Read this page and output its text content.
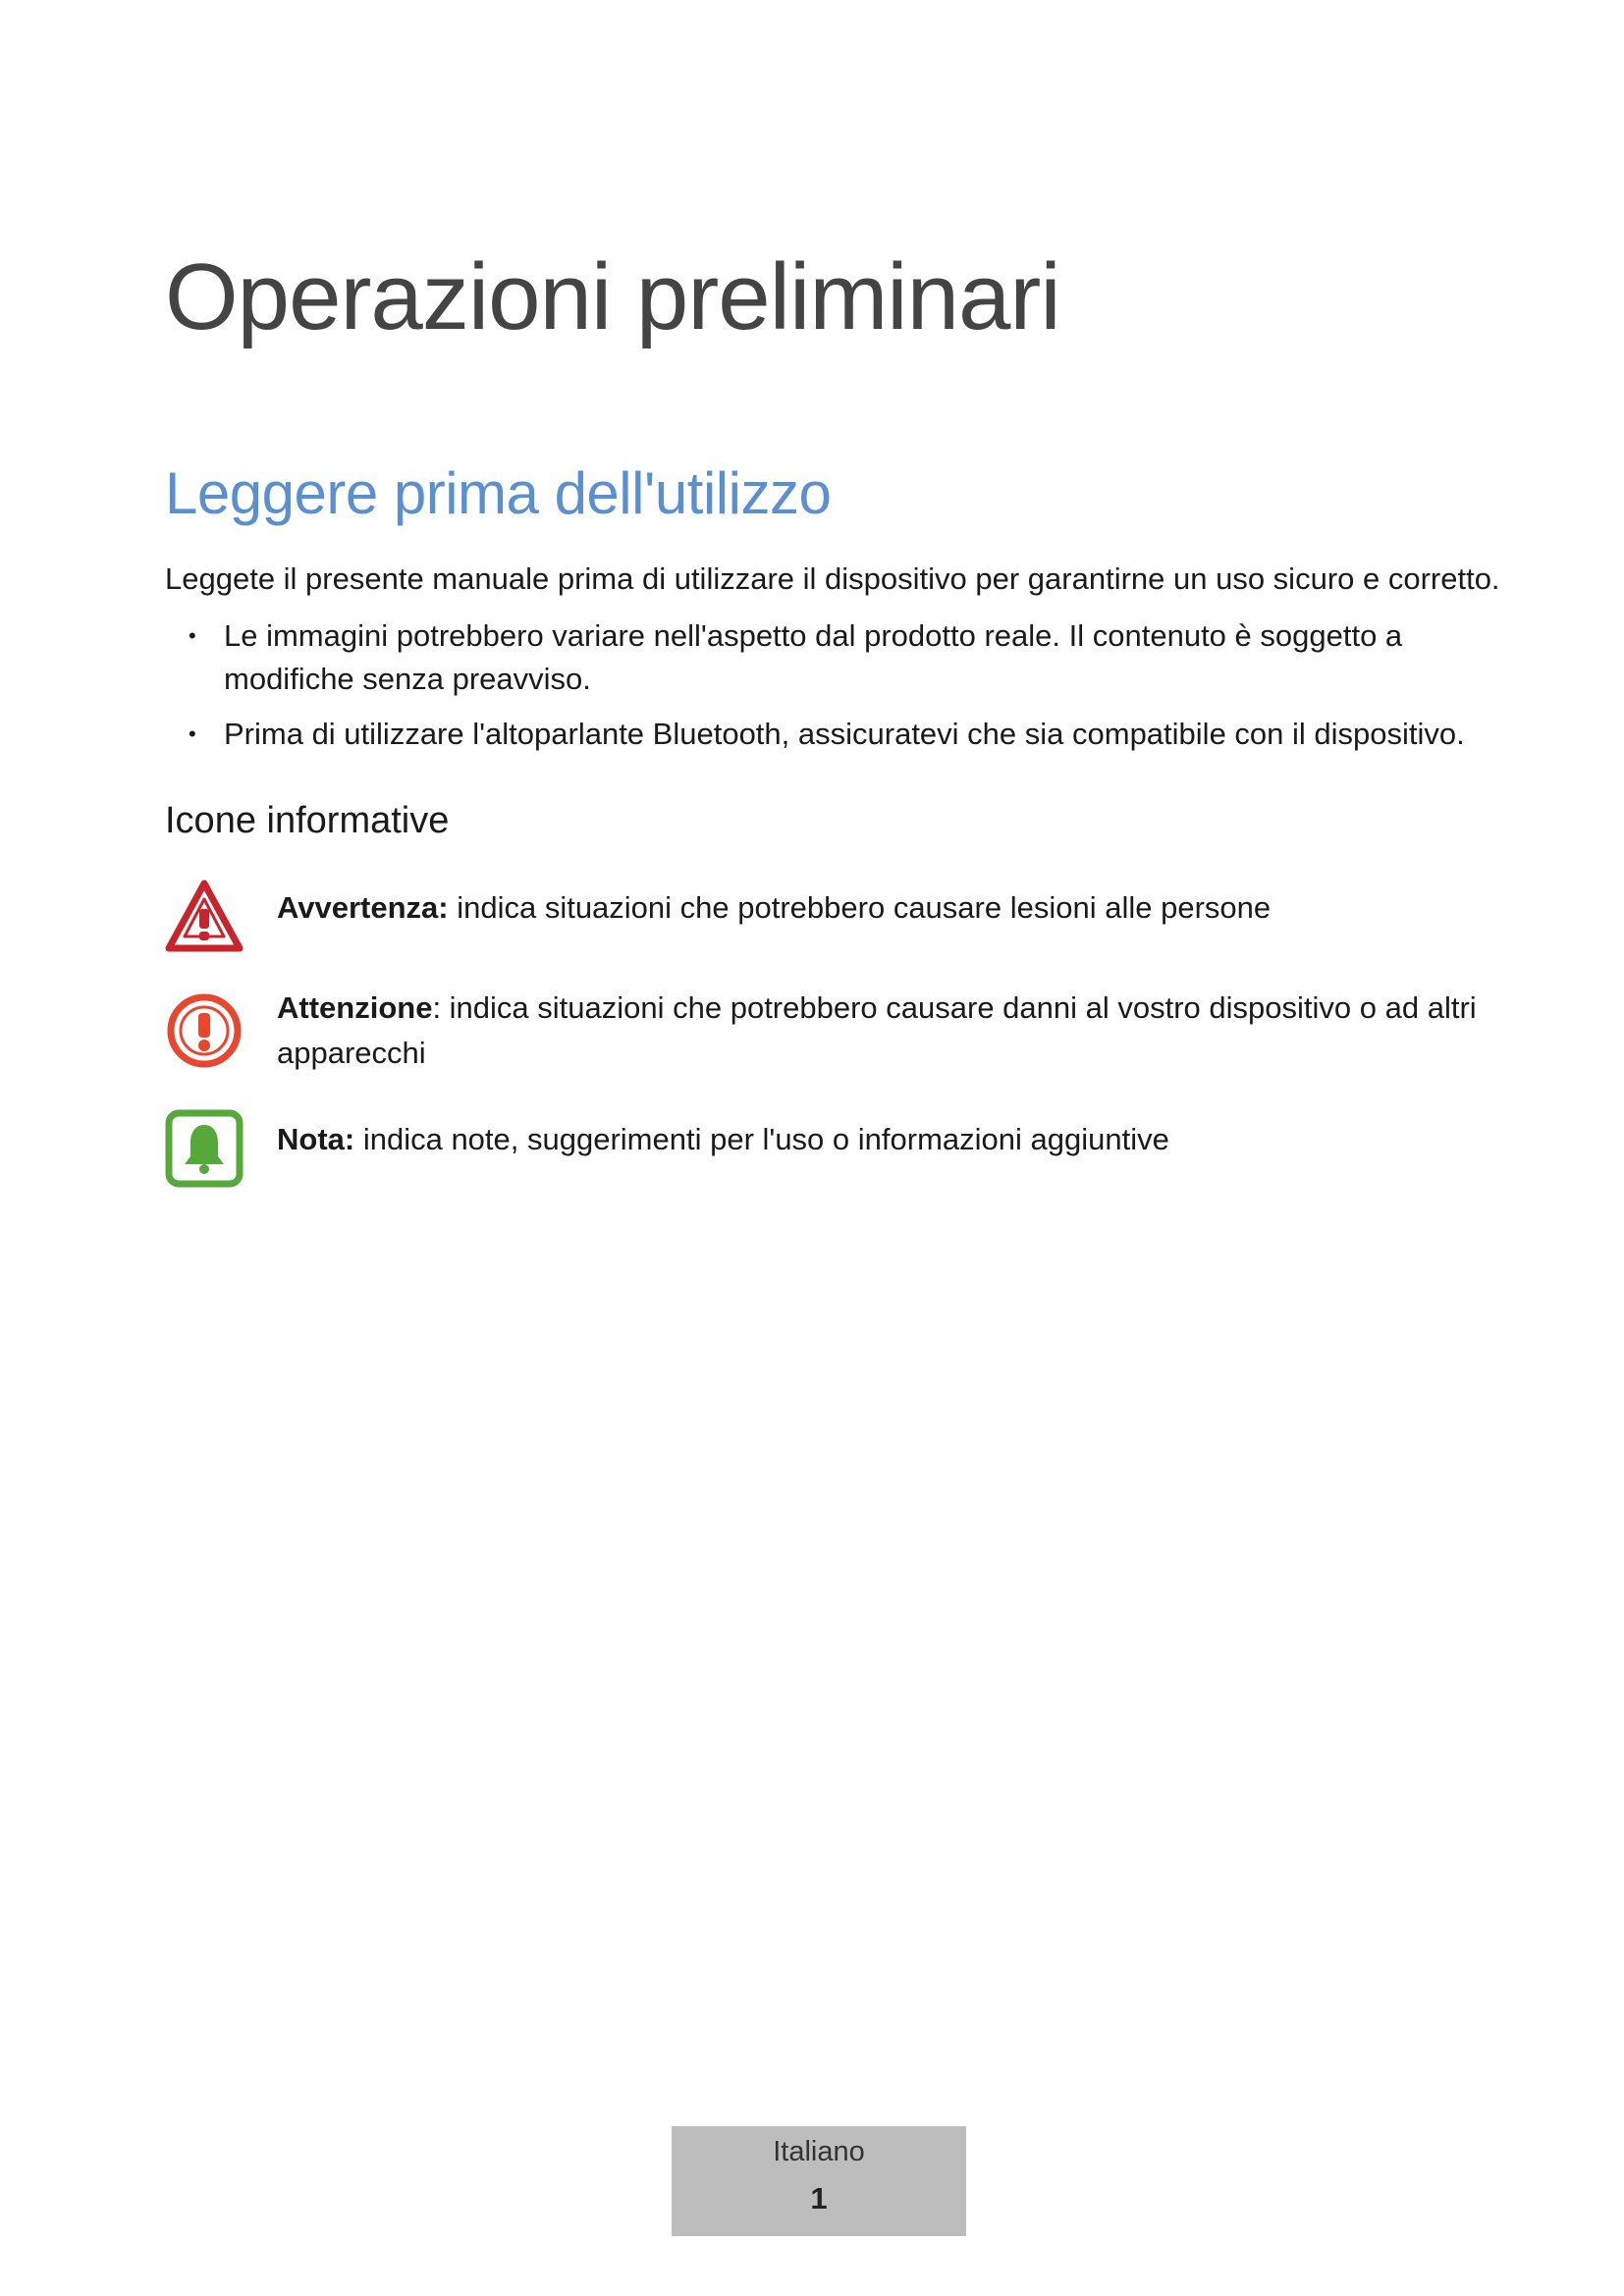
Operazioni preliminari
Leggere prima dell'utilizzo

Leggete il presente manuale prima di utilizzare il dispositivo per garantirne un uso sicuro e corretto.

• Le immagini potrebbero variare nell'aspetto dal prodotto reale. Il contenuto è soggetto a modifiche senza preavviso.
• Prima di utilizzare l'altoparlante Bluetooth, assicuratevi che sia compatibile con il dispositivo.
Icone informative

Avvertenza: indica situazioni che potrebbero causare lesioni alle persone

Attenzione: indica situazioni che potrebbero causare danni al vostro dispositivo o ad altri apparecchi

Nota: indica note, suggerimenti per l'uso o informazioni aggiuntive

Italiano
1
